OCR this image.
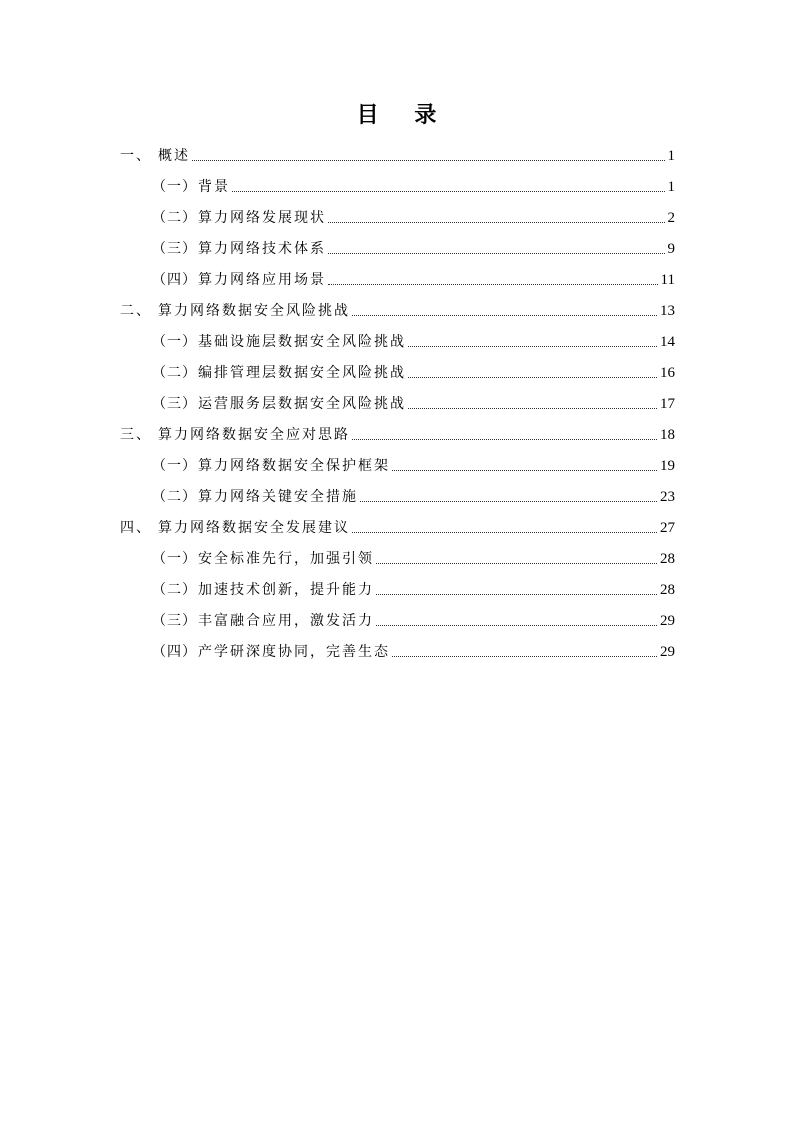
目 录
一、 概述	1
（一） 背景	1
（二） 算力网络发展现状	2
（三） 算力网络技术体系	9
（四） 算力网络应用场景	11
二、 算力网络数据安全风险挑战	13
（一） 基础设施层数据安全风险挑战	14
（二） 编排管理层数据安全风险挑战	16
（三） 运营服务层数据安全风险挑战	17
三、 算力网络数据安全应对思路	18
（一） 算力网络数据安全保护框架	19
（二） 算力网络关键安全措施	23
四、 算力网络数据安全发展建议	27
（一） 安全标准先行，加强引领	28
（二） 加速技术创新，提升能力	28
（三） 丰富融合应用，激发活力	29
（四） 产学研深度协同，完善生态	29
